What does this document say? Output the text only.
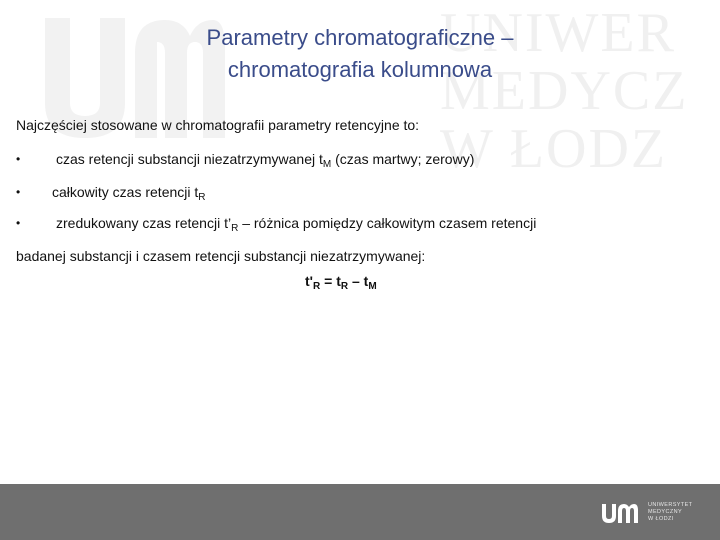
UNIWER
MEDYCZ
W ŁODZ
Parametry chromatograficzne –
chromatografia kolumnowa
Najczęściej stosowane w chromatografii parametry retencyjne to:
•	czas retencji substancji niezatrzymywanej $t_M$ (czas martwy; zerowy)
• całkowity czas retencji $t_R$
•	zredukowany czas retencji $t’_R$ – różnica pomiędzy całkowitym czasem retencji
badanej substancji i czasem retencji substancji niezatrzymywanej:
$t'_R = t_R - t_M$
UNIWERSYTET
MEDYCZNY
W ŁODZI
